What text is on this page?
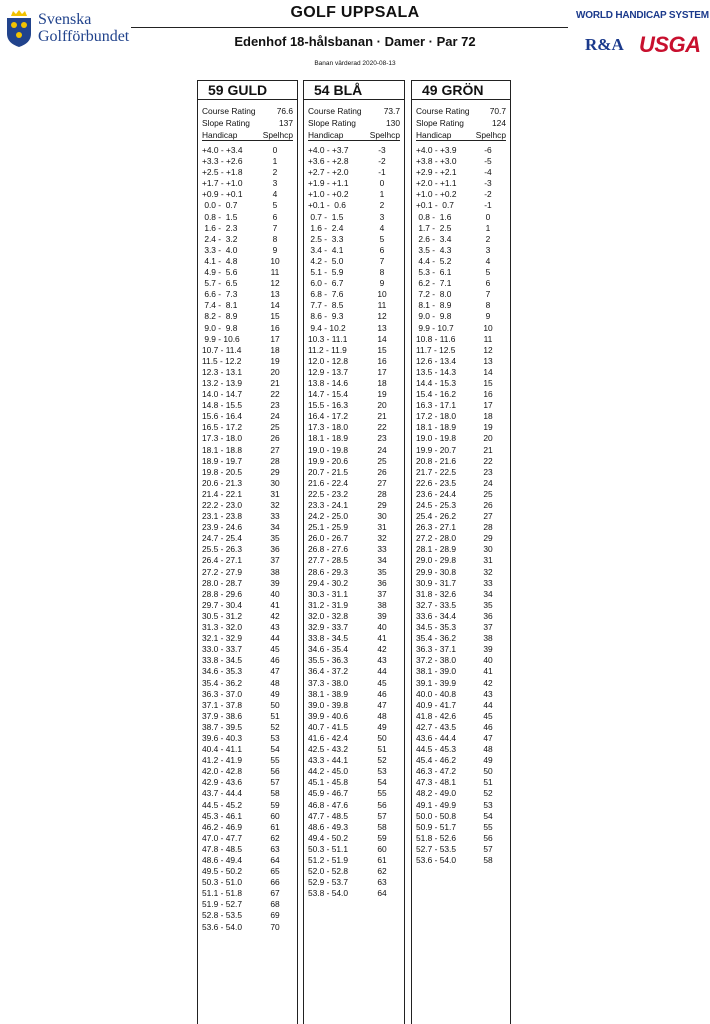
Svenska
Golfförbundet
GOLF UPPSALA
Edenhof 18-hålsbanan · Damer · Par 72
Banan värderad 2020-08-13
WORLD HANDICAP SYSTEM
R&A USGA
59 GULD
Course Rating	76.6
Slope Rating	137
Handicap	Spelhcp
+4.0 - +3.4	0
+3.3 - +2.6	1
+2.5 - +1.8	2
+1.7 - +1.0	3
+0.9 - +0.1	4
0.0 -  0.7	5
0.8 -  1.5	6
1.6 -  2.3	7
2.4 -  3.2	8
3.3 -  4.0	9
4.1 -  4.8	10
4.9 -  5.6	11
5.7 -  6.5	12
6.6 -  7.3	13
7.4 -  8.1	14
8.2 -  8.9	15
9.0 -  9.8	16
9.9 - 10.6	17
10.7 - 11.4	18
11.5 - 12.2	19
12.3 - 13.1	20
13.2 - 13.9	21
14.0 - 14.7	22
14.8 - 15.5	23
15.6 - 16.4	24
16.5 - 17.2	25
17.3 - 18.0	26
18.1 - 18.8	27
18.9 - 19.7	28
19.8 - 20.5	29
20.6 - 21.3	30
21.4 - 22.1	31
22.2 - 23.0	32
23.1 - 23.8	33
23.9 - 24.6	34
24.7 - 25.4	35
25.5 - 26.3	36
26.4 - 27.1	37
27.2 - 27.9	38
28.0 - 28.7	39
28.8 - 29.6	40
29.7 - 30.4	41
30.5 - 31.2	42
31.3 - 32.0	43
32.1 - 32.9	44
33.0 - 33.7	45
33.8 - 34.5	46
34.6 - 35.3	47
35.4 - 36.2	48
36.3 - 37.0	49
37.1 - 37.8	50
37.9 - 38.6	51
38.7 - 39.5	52
39.6 - 40.3	53
40.4 - 41.1	54
41.2 - 41.9	55
42.0 - 42.8	56
42.9 - 43.6	57
43.7 - 44.4	58
44.5 - 45.2	59
45.3 - 46.1	60
46.2 - 46.9	61
47.0 - 47.7	62
47.8 - 48.5	63
48.6 - 49.4	64
49.5 - 50.2	65
50.3 - 51.0	66
51.1 - 51.8	67
51.9 - 52.7	68
52.8 - 53.5	69
53.6 - 54.0	70
54 BLÅ
Course Rating	73.7
Slope Rating	130
Handicap	Spelhcp
+4.0 - +3.7	-3
+3.6 - +2.8	-2
+2.7 - +2.0	-1
+1.9 - +1.1	0
+1.0 - +0.2	1
+0.1 -  0.6	2
0.7 -  1.5	3
1.6 -  2.4	4
2.5 -  3.3	5
3.4 -  4.1	6
4.2 -  5.0	7
5.1 -  5.9	8
6.0 -  6.7	9
6.8 -  7.6	10
7.7 -  8.5	11
8.6 -  9.3	12
9.4 - 10.2	13
10.3 - 11.1	14
11.2 - 11.9	15
12.0 - 12.8	16
12.9 - 13.7	17
13.8 - 14.6	18
14.7 - 15.4	19
15.5 - 16.3	20
16.4 - 17.2	21
17.3 - 18.0	22
18.1 - 18.9	23
19.0 - 19.8	24
19.9 - 20.6	25
20.7 - 21.5	26
21.6 - 22.4	27
22.5 - 23.2	28
23.3 - 24.1	29
24.2 - 25.0	30
25.1 - 25.9	31
26.0 - 26.7	32
26.8 - 27.6	33
27.7 - 28.5	34
28.6 - 29.3	35
29.4 - 30.2	36
30.3 - 31.1	37
31.2 - 31.9	38
32.0 - 32.8	39
32.9 - 33.7	40
33.8 - 34.5	41
34.6 - 35.4	42
35.5 - 36.3	43
36.4 - 37.2	44
37.3 - 38.0	45
38.1 - 38.9	46
39.0 - 39.8	47
39.9 - 40.6	48
40.7 - 41.5	49
41.6 - 42.4	50
42.5 - 43.2	51
43.3 - 44.1	52
44.2 - 45.0	53
45.1 - 45.8	54
45.9 - 46.7	55
46.8 - 47.6	56
47.7 - 48.5	57
48.6 - 49.3	58
49.4 - 50.2	59
50.3 - 51.1	60
51.2 - 51.9	61
52.0 - 52.8	62
52.9 - 53.7	63
53.8 - 54.0	64
49 GRÖN
Course Rating 70.7
Slope Rating	124
Handicap	Spelhcp
+4.0 - +3.9	-6
+3.8 - +3.0	-5
+2.9 - +2.1	-4
+2.0 - +1.1	-3
+1.0 - +0.2	-2
+0.1 -  0.7	-1
0.8 -  1.6	0
1.7 -  2.5	1
2.6 -  3.4	2
3.5 -  4.3	3
4.4 -  5.2	4
5.3 -  6.1	5
6.2 -  7.1	6
7.2 -  8.0	7
8.1 -  8.9	8
9.0 -  9.8	9
9.9 - 10.7	10
10.8 - 11.6	11
11.7 - 12.5	12
12.6 - 13.4	13
13.5 - 14.3	14
14.4 - 15.3	15
15.4 - 16.2	16
16.3 - 17.1	17
17.2 - 18.0	18
18.1 - 18.9	19
19.0 - 19.8	20
19.9 - 20.7	21
20.8 - 21.6	22
21.7 - 22.5	23
22.6 - 23.5	24
23.6 - 24.4	25
24.5 - 25.3	26
25.4 - 26.2	27
26.3 - 27.1	28
27.2 - 28.0	29
28.1 - 28.9	30
29.0 - 29.8	31
29.9 - 30.8	32
30.9 - 31.7	33
31.8 - 32.6	34
32.7 - 33.5	35
33.6 - 34.4	36
34.5 - 35.3	37
35.4 - 36.2	38
36.3 - 37.1	39
37.2 - 38.0	40
38.1 - 39.0	41
39.1 - 39.9	42
40.0 - 40.8	43
40.9 - 41.7	44
41.8 - 42.6	45
42.7 - 43.5	46
43.6 - 44.4	47
44.5 - 45.3	48
45.4 - 46.2	49
46.3 - 47.2	50
47.3 - 48.1	51
48.2 - 49.0	52
49.1 - 49.9	53
50.0 - 50.8	54
50.9 - 51.7	55
51.8 - 52.6	56
52.7 - 53.5	57
53.6 - 54.0	58
